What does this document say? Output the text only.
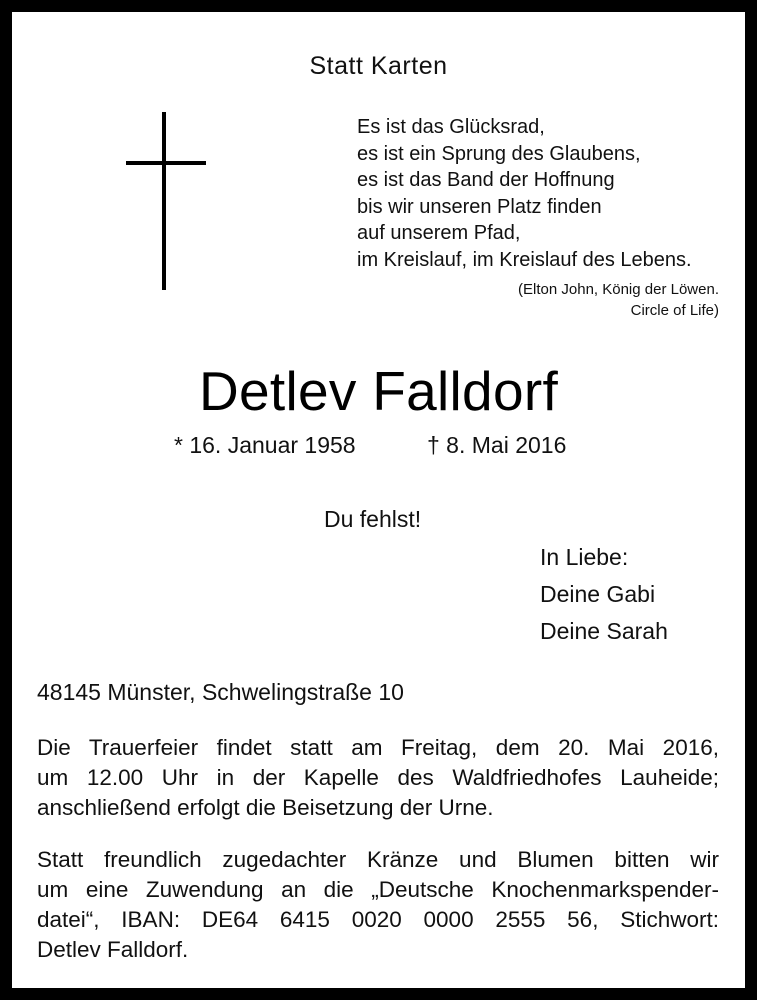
Statt Karten
Es ist das Glücksrad,
es ist ein Sprung des Glaubens,
es ist das Band der Hoffnung
bis wir unseren Platz finden
auf unserem Pfad,
im Kreislauf, im Kreislauf des Lebens.
(Elton John, König der Löwen.
Circle of Life)
Detlev Falldorf
* 16. Januar 1958	† 8. Mai 2016
Du fehlst!
In Liebe:
Deine Gabi
Deine Sarah
48145 Münster, Schwelingstraße 10
Die Trauerfeier findet statt am Freitag, dem 20. Mai 2016,
um 12.00 Uhr in der Kapelle des Waldfriedhofes Lauheide;
anschließend erfolgt die Beisetzung der Urne.
Statt freundlich zugedachter Kränze und Blumen bitten wir
um eine Zuwendung an die „Deutsche Knochenmarkspender-
datei“, IBAN: DE64 6415 0020 0000 2555 56, Stichwort:
Detlev Falldorf.
